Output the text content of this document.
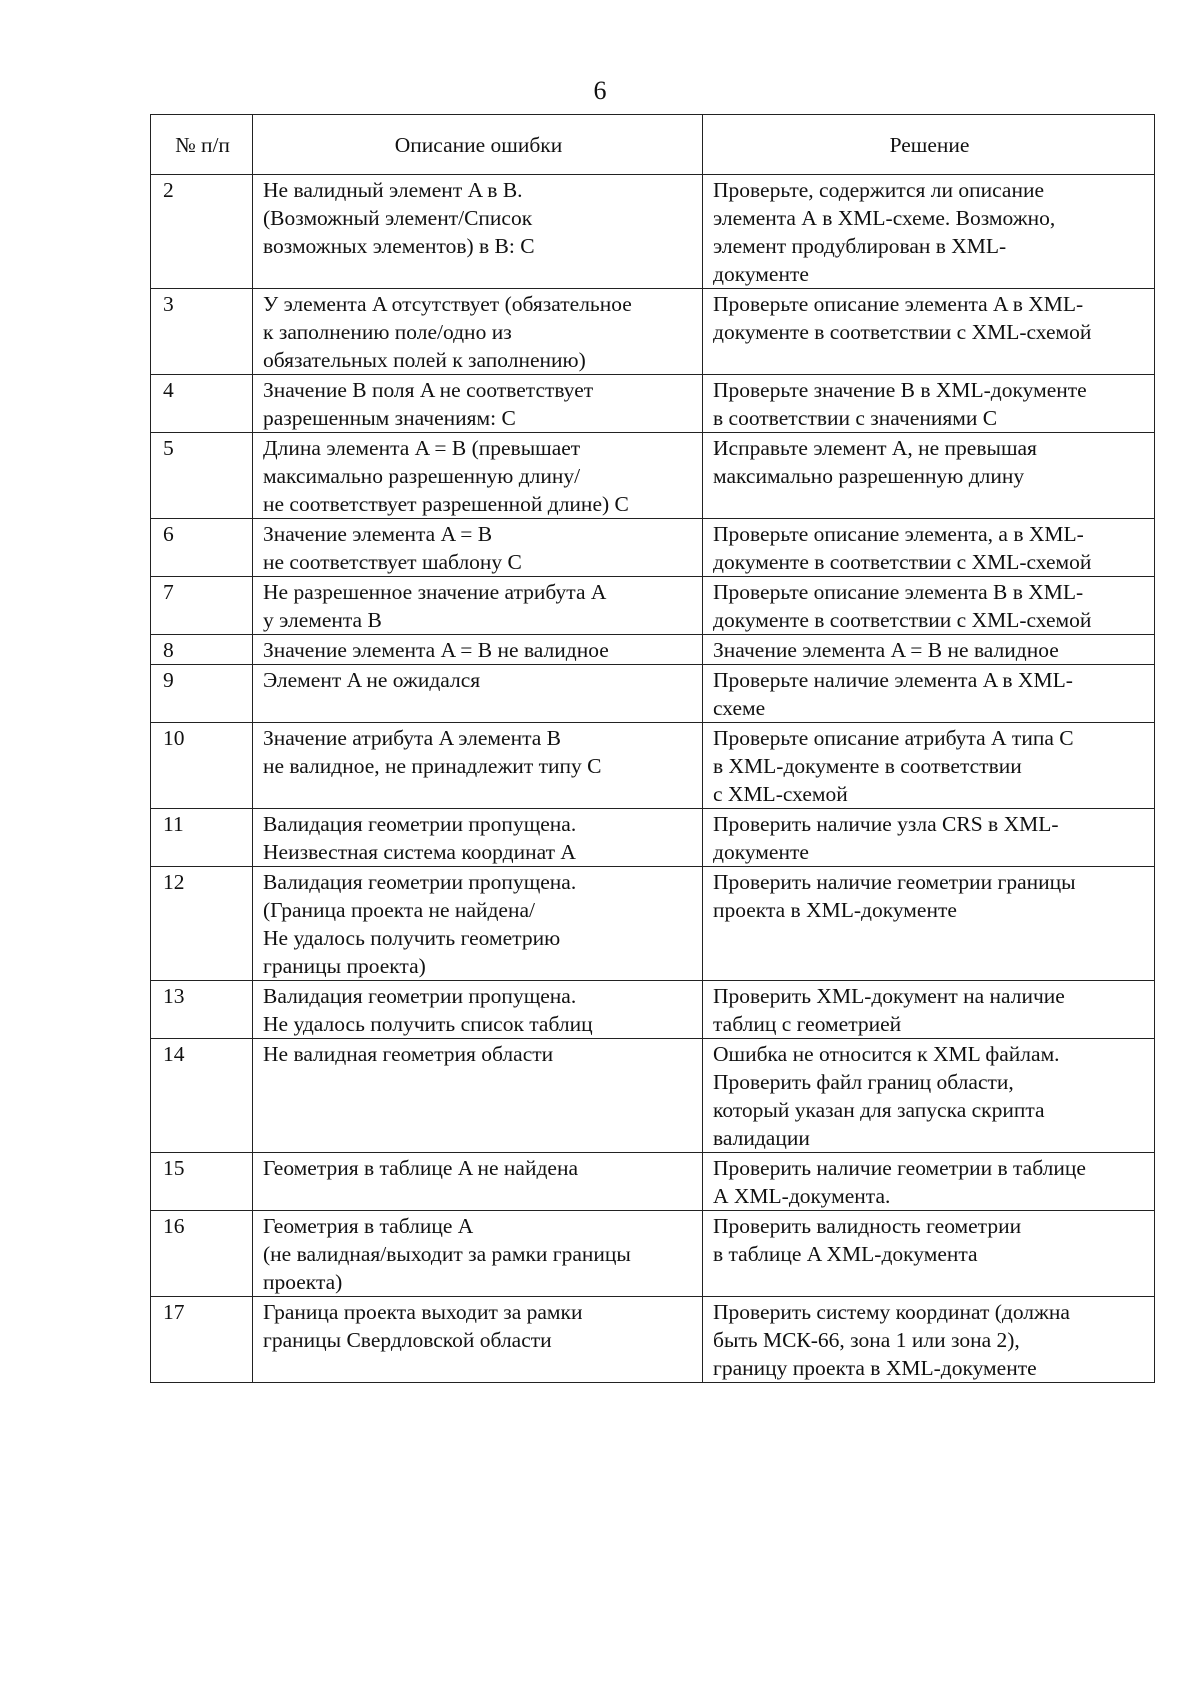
6
№ п/п	Описание ошибки	Решение
2	Не валидный элемент A в B.
(Возможный элемент/Список
возможных элементов) в B: C	Проверьте, содержится ли описание
элемента А в XML-схеме. Возможно,
элемент продублирован в XML-
документе

3	У элемента A отсутствует (обязательное
к заполнению поле/одно из
обязательных полей к заполнению)	Проверьте описание элемента A в XML-
документе в соответствии с XML-схемой

4	Значение B поля A не соответствует
разрешенным значениям: C	Проверьте значение B в XML-документе
в соответствии с значениями C

5	Длина элемента A = B (превышает
максимально разрешенную длину/
не соответствует разрешенной длине) C	Исправьте элемент A, не превышая
максимально разрешенную длину

6	Значение элемента A = B
не соответствует шаблону C	Проверьте описание элемента, а в XML-
документе в соответствии с XML-схемой

7	Не разрешенное значение атрибута A
у элемента B	Проверьте описание элемента В в XML-
документе в соответствии с XML-схемой

8	Значение элемента A = B не валидное	Значение элемента A = B не валидное

9	Элемент A не ожидался	Проверьте наличие элемента A в XML-
схеме

10	Значение атрибута A элемента B
не валидное, не принадлежит типу C	Проверьте описание атрибута А типа С
в XML-документе в соответствии
с XML-схемой

11	Валидация геометрии пропущена.
Неизвестная система координат A	Проверить наличие узла CRS в XML-
документе

12	Валидация геометрии пропущена.
(Граница проекта не найдена/
Не удалось получить геометрию
границы проекта)	Проверить наличие геометрии границы
проекта в XML-документе

13	Валидация геометрии пропущена.
Не удалось получить список таблиц	Проверить XML-документ на наличие
таблиц с геометрией

14	Не валидная геометрия области	Ошибка не относится к XML файлам.
Проверить файл границ области,
который указан для запуска скрипта
валидации

15	Геометрия в таблице A не найдена	Проверить наличие геометрии в таблице
А XML-документа.

16	Геометрия в таблице A
(не валидная/выходит за рамки границы
проекта)	Проверить валидность геометрии
в таблице A XML-документа

17	Граница проекта выходит за рамки
границы Свердловской области	Проверить систему координат (должна
быть МСК-66, зона 1 или зона 2),
границу проекта в XML-документе
